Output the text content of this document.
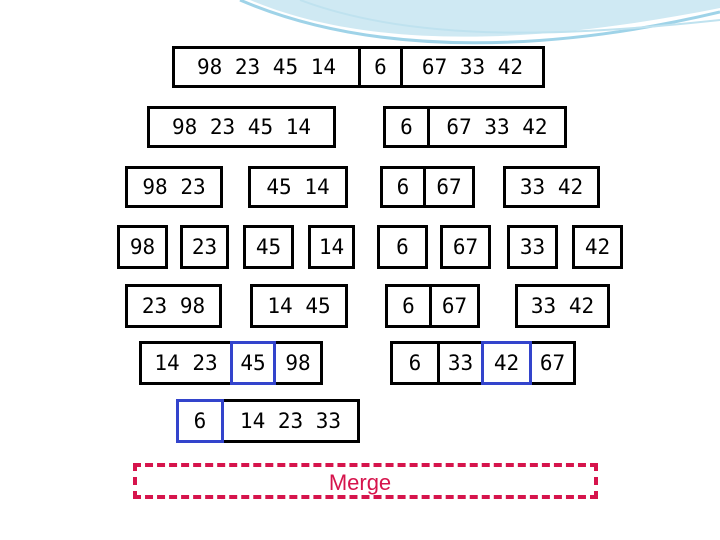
98 23 45 14	6	67 33 42
98 23 45 14	6	67 33 42
98 23	45 14	6	67	33 42
98	23	45	14	6	67	33	42
23 98	14 45	6	67	33 42
14 23	45 98	6	33 42 67
6	14 23 33
Merge
